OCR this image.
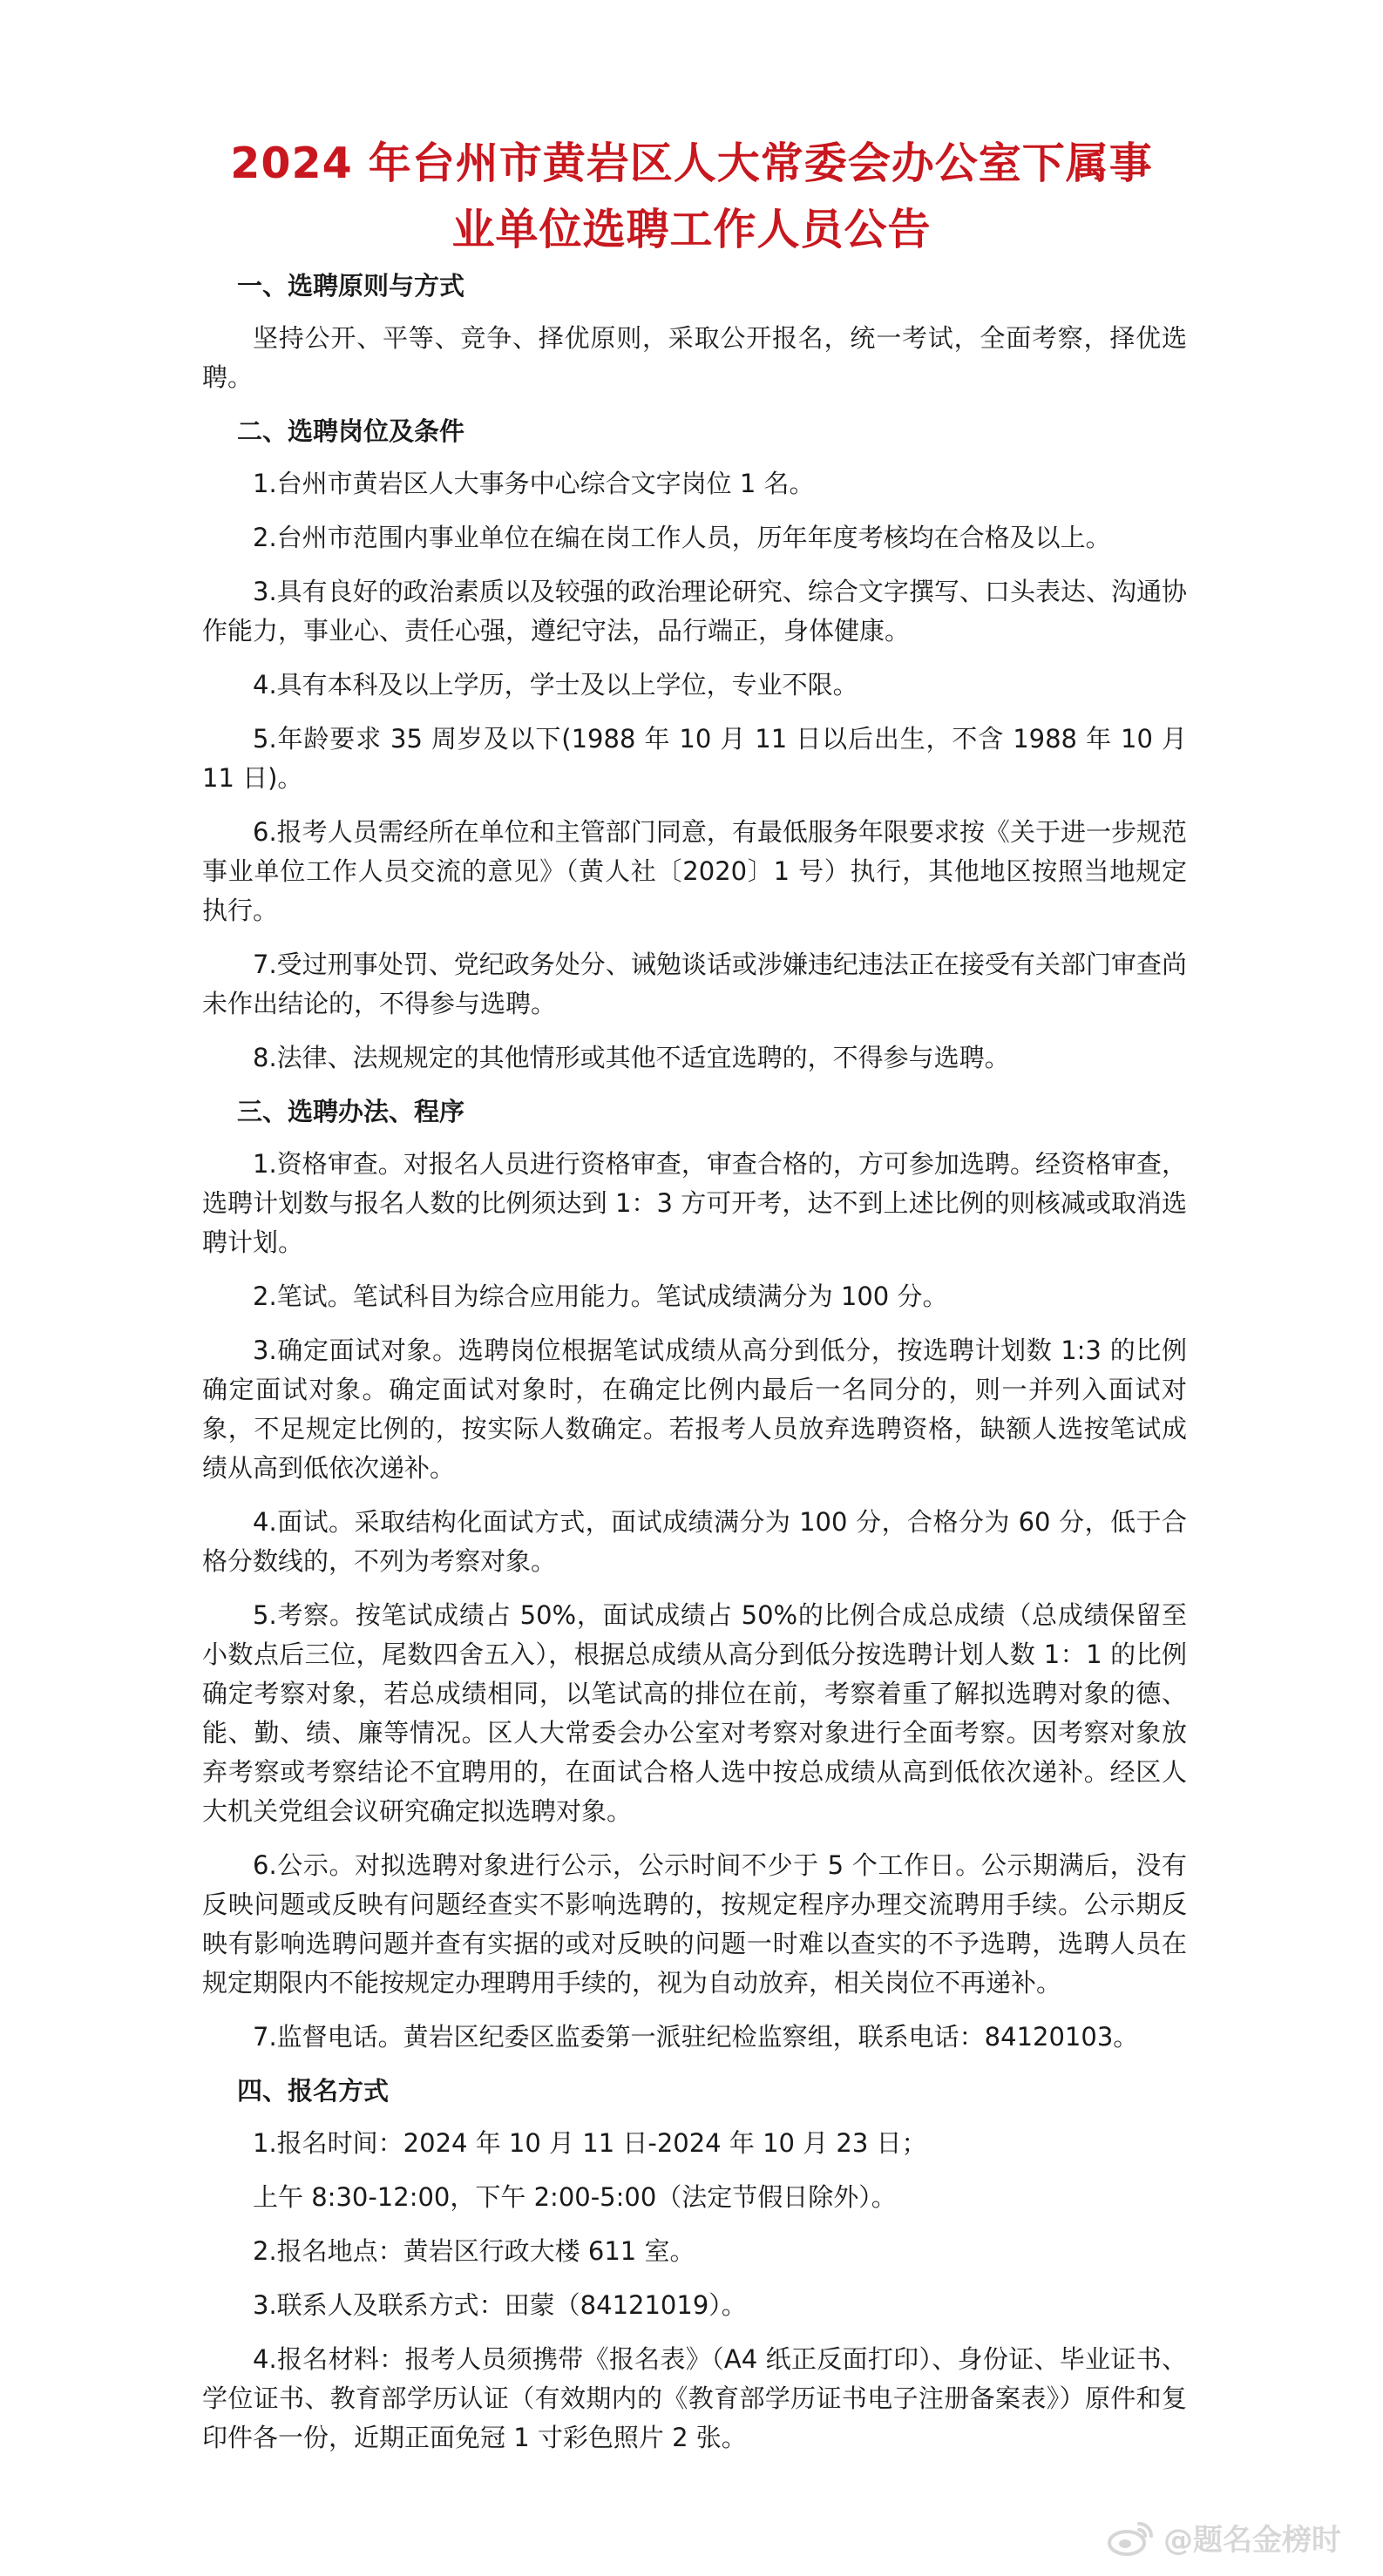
2024 年台州市黄岩区人大常委会办公室下属事
业单位选聘工作人员公告
一、选聘原则与方式
坚持公开、平等、竞争、择优原则，采取公开报名，统一考试，全面考察，择优选聘。
二、选聘岗位及条件
1.台州市黄岩区人大事务中心综合文字岗位 1 名。
2.台州市范围内事业单位在编在岗工作人员，历年年度考核均在合格及以上。
3.具有良好的政治素质以及较强的政治理论研究、综合文字撰写、口头表达、沟通协作能力，事业心、责任心强，遵纪守法，品行端正，身体健康。
4.具有本科及以上学历，学士及以上学位，专业不限。
5.年龄要求 35 周岁及以下(1988 年 10 月 11 日以后出生，不含 1988 年 10 月 11 日)。
6.报考人员需经所在单位和主管部门同意，有最低服务年限要求按《关于进一步规范事业单位工作人员交流的意见》（黄人社〔2020〕1 号）执行，其他地区按照当地规定执行。
7.受过刑事处罚、党纪政务处分、诫勉谈话或涉嫌违纪违法正在接受有关部门审查尚未作出结论的，不得参与选聘。
8.法律、法规规定的其他情形或其他不适宜选聘的，不得参与选聘。
三、选聘办法、程序
1.资格审查。对报名人员进行资格审查，审查合格的，方可参加选聘。经资格审查，选聘计划数与报名人数的比例须达到 1：3 方可开考，达不到上述比例的则核减或取消选聘计划。
2.笔试。笔试科目为综合应用能力。笔试成绩满分为 100 分。
3.确定面试对象。选聘岗位根据笔试成绩从高分到低分，按选聘计划数 1:3 的比例确定面试对象。确定面试对象时，在确定比例内最后一名同分的，则一并列入面试对象，不足规定比例的，按实际人数确定。若报考人员放弃选聘资格，缺额人选按笔试成绩从高到低依次递补。
4.面试。采取结构化面试方式，面试成绩满分为 100 分，合格分为 60 分，低于合格分数线的，不列为考察对象。
5.考察。按笔试成绩占 50%，面试成绩占 50%的比例合成总成绩（总成绩保留至小数点后三位，尾数四舍五入），根据总成绩从高分到低分按选聘计划人数 1：1 的比例确定考察对象，若总成绩相同，以笔试高的排位在前，考察着重了解拟选聘对象的德、能、勤、绩、廉等情况。区人大常委会办公室对考察对象进行全面考察。因考察对象放弃考察或考察结论不宜聘用的，在面试合格人选中按总成绩从高到低依次递补。经区人大机关党组会议研究确定拟选聘对象。
6.公示。对拟选聘对象进行公示，公示时间不少于 5 个工作日。公示期满后，没有反映问题或反映有问题经查实不影响选聘的，按规定程序办理交流聘用手续。公示期反映有影响选聘问题并查有实据的或对反映的问题一时难以查实的不予选聘，选聘人员在规定期限内不能按规定办理聘用手续的，视为自动放弃，相关岗位不再递补。
7.监督电话。黄岩区纪委区监委第一派驻纪检监察组，联系电话：84120103。
四、报名方式
1.报名时间：2024 年 10 月 11 日-2024 年 10 月 23 日；
上午 8:30-12:00，下午 2:00-5:00（法定节假日除外）。
2.报名地点：黄岩区行政大楼 611 室。
3.联系人及联系方式：田蒙（84121019）。
4.报名材料：报考人员须携带《报名表》（A4 纸正反面打印）、身份证、毕业证书、学位证书、教育部学历认证（有效期内的《教育部学历证书电子注册备案表》）原件和复印件各一份，近期正面免冠 1 寸彩色照片 2 张。
@题名金榜时
